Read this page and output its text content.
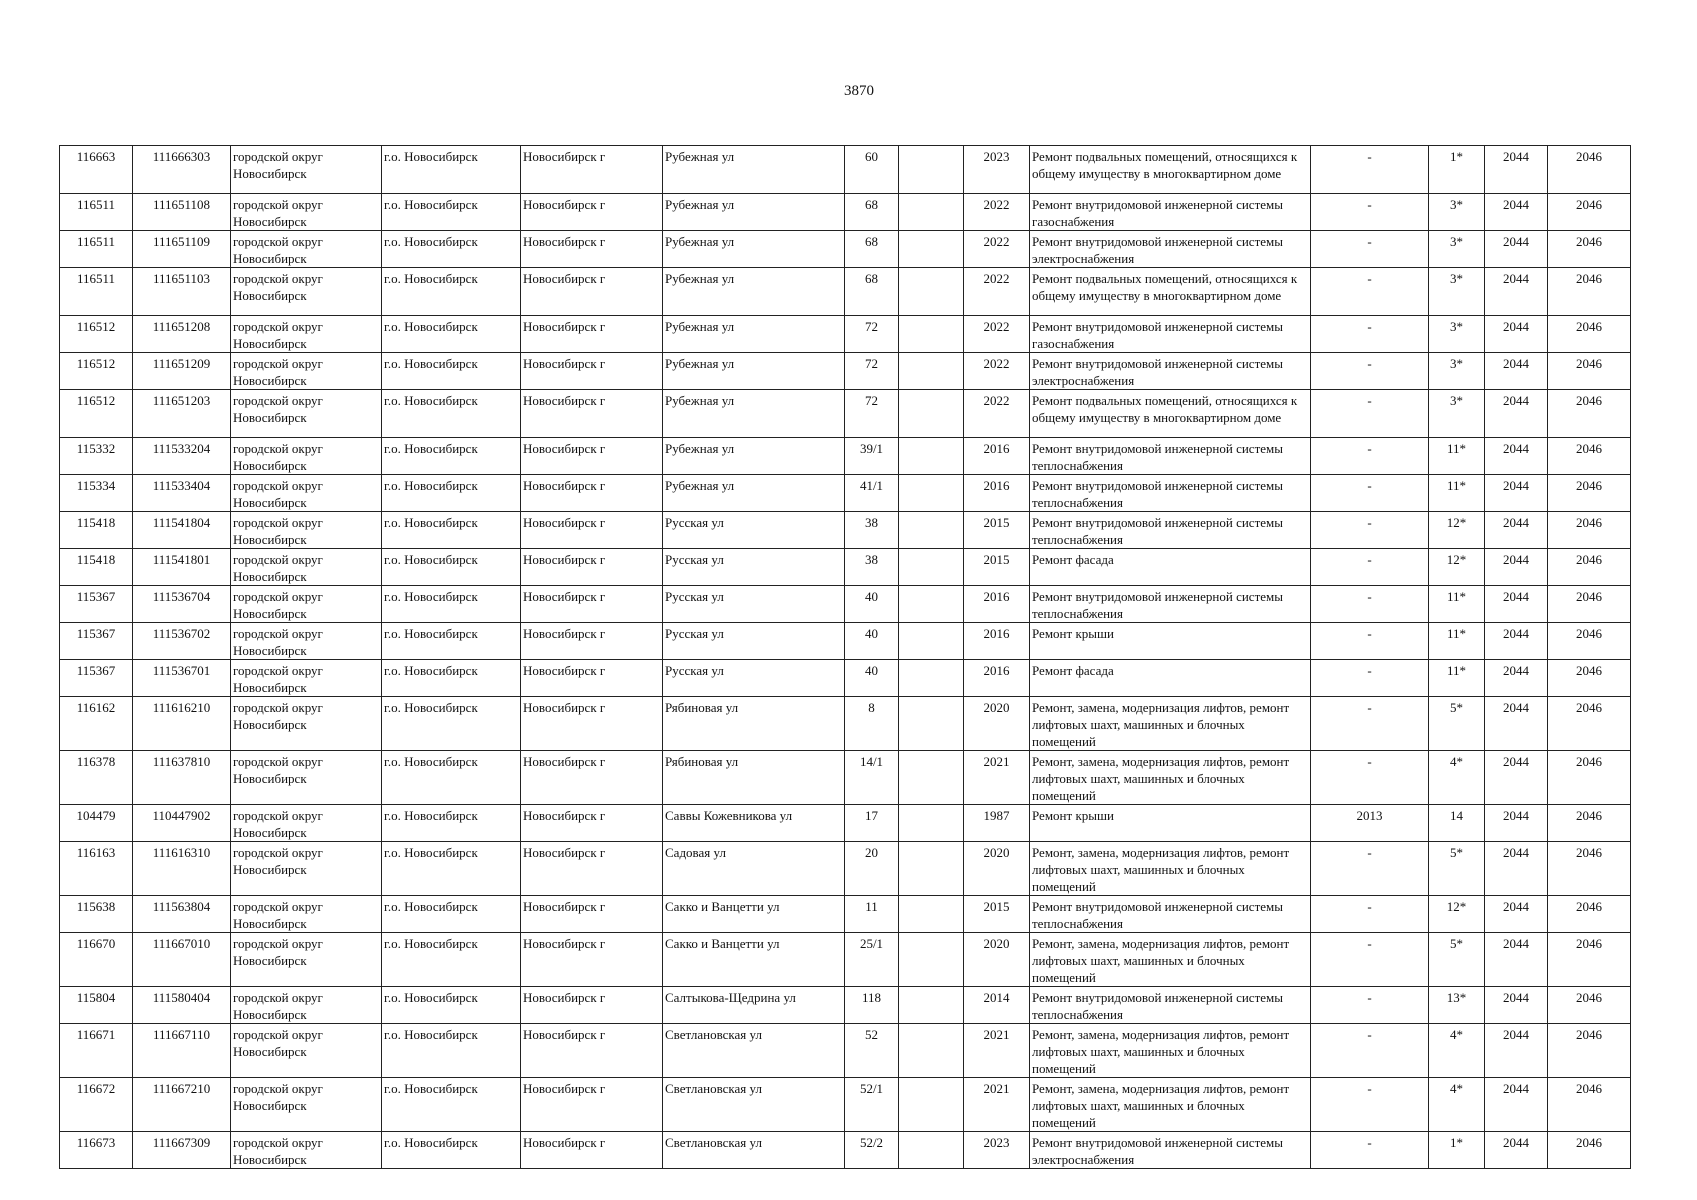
3870
116663	111666303	городской округ Новосибирск	г.о. Новосибирск	Новосибирск г	Рубежная ул	60		2023	Ремонт подвальных помещений, относящихся к общему имуществу в многоквартирном доме	-	1*	2044	2046
116511	111651108	городской округ Новосибирск	г.о. Новосибирск	Новосибирск г	Рубежная ул	68		2022	Ремонт внутридомовой инженерной системы газоснабжения	-	3*	2044	2046
116511	111651109	городской округ Новосибирск	г.о. Новосибирск	Новосибирск г	Рубежная ул	68		2022	Ремонт внутридомовой инженерной системы электроснабжения	-	3*	2044	2046
116511	111651103	городской округ Новосибирск	г.о. Новосибирск	Новосибирск г	Рубежная ул	68		2022	Ремонт подвальных помещений, относящихся к общему имуществу в многоквартирном доме	-	3*	2044	2046
116512	111651208	городской округ Новосибирск	г.о. Новосибирск	Новосибирск г	Рубежная ул	72		2022	Ремонт внутридомовой инженерной системы газоснабжения	-	3*	2044	2046
116512	111651209	городской округ Новосибирск	г.о. Новосибирск	Новосибирск г	Рубежная ул	72		2022	Ремонт внутридомовой инженерной системы электроснабжения	-	3*	2044	2046
116512	111651203	городской округ Новосибирск	г.о. Новосибирск	Новосибирск г	Рубежная ул	72		2022	Ремонт подвальных помещений, относящихся к общему имуществу в многоквартирном доме	-	3*	2044	2046
115332	111533204	городской округ Новосибирск	г.о. Новосибирск	Новосибирск г	Рубежная ул	39/1		2016	Ремонт внутридомовой инженерной системы теплоснабжения	-	11*	2044	2046
115334	111533404	городской округ Новосибирск	г.о. Новосибирск	Новосибирск г	Рубежная ул	41/1		2016	Ремонт внутридомовой инженерной системы теплоснабжения	-	11*	2044	2046
115418	111541804	городской округ Новосибирск	г.о. Новосибирск	Новосибирск г	Русская ул	38		2015	Ремонт внутридомовой инженерной системы теплоснабжения	-	12*	2044	2046
115418	111541801	городской округ Новосибирск	г.о. Новосибирск	Новосибирск г	Русская ул	38		2015	Ремонт фасада	-	12*	2044	2046
115367	111536704	городской округ Новосибирск	г.о. Новосибирск	Новосибирск г	Русская ул	40		2016	Ремонт внутридомовой инженерной системы теплоснабжения	-	11*	2044	2046
115367	111536702	городской округ Новосибирск	г.о. Новосибирск	Новосибирск г	Русская ул	40		2016	Ремонт крыши	-	11*	2044	2046
115367	111536701	городской округ Новосибирск	г.о. Новосибирск	Новосибирск г	Русская ул	40		2016	Ремонт фасада	-	11*	2044	2046
116162	111616210	городской округ Новосибирск	г.о. Новосибирск	Новосибирск г	Рябиновая ул	8		2020	Ремонт, замена, модернизация лифтов, ремонт лифтовых шахт, машинных и блочных помещений	-	5*	2044	2046
116378	111637810	городской округ Новосибирск	г.о. Новосибирск	Новосибирск г	Рябиновая ул	14/1		2021	Ремонт, замена, модернизация лифтов, ремонт лифтовых шахт, машинных и блочных помещений	-	4*	2044	2046
104479	110447902	городской округ Новосибирск	г.о. Новосибирск	Новосибирск г	Саввы Кожевникова ул	17		1987	Ремонт крыши	2013	14	2044	2046
116163	111616310	городской округ Новосибирск	г.о. Новосибирск	Новосибирск г	Садовая ул	20		2020	Ремонт, замена, модернизация лифтов, ремонт лифтовых шахт, машинных и блочных помещений	-	5*	2044	2046
115638	111563804	городской округ Новосибирск	г.о. Новосибирск	Новосибирск г	Сакко и Ванцетти ул	11		2015	Ремонт внутридомовой инженерной системы теплоснабжения	-	12*	2044	2046
116670	111667010	городской округ Новосибирск	г.о. Новосибирск	Новосибирск г	Сакко и Ванцетти ул	25/1		2020	Ремонт, замена, модернизация лифтов, ремонт лифтовых шахт, машинных и блочных помещений	-	5*	2044	2046
115804	111580404	городской округ Новосибирск	г.о. Новосибирск	Новосибирск г	Салтыкова-Щедрина ул	118		2014	Ремонт внутридомовой инженерной системы теплоснабжения	-	13*	2044	2046
116671	111667110	городской округ Новосибирск	г.о. Новосибирск	Новосибирск г	Светлановская ул	52		2021	Ремонт, замена, модернизация лифтов, ремонт лифтовых шахт, машинных и блочных помещений	-	4*	2044	2046
116672	111667210	городской округ Новосибирск	г.о. Новосибирск	Новосибирск г	Светлановская ул	52/1		2021	Ремонт, замена, модернизация лифтов, ремонт лифтовых шахт, машинных и блочных помещений	-	4*	2044	2046
116673	111667309	городской округ Новосибирск	г.о. Новосибирск	Новосибирск г	Светлановская ул	52/2		2023	Ремонт внутридомовой инженерной системы электроснабжения	-	1*	2044	2046
